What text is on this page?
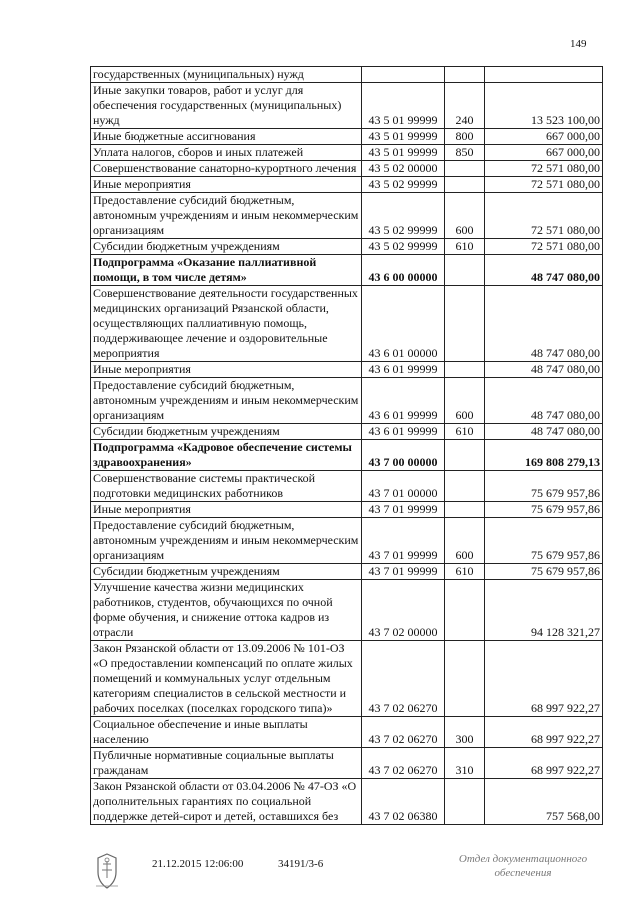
149
государственных (муниципальных) нужд			
Иные закупки товаров, работ и услуг для обеспечения государственных (муниципальных) нужд	43 5 01 99999	240	13 523 100,00
Иные бюджетные ассигнования	43 5 01 99999	800	667 000,00
Уплата налогов, сборов и иных платежей	43 5 01 99999	850	667 000,00
Совершенствование санаторно-курортного лечения	43 5 02 00000		72 571 080,00
Иные мероприятия	43 5 02 99999		72 571 080,00
Предоставление субсидий бюджетным, автономным учреждениям и иным некоммерческим организациям	43 5 02 99999	600	72 571 080,00
Субсидии бюджетным учреждениям	43 5 02 99999	610	72 571 080,00
Подпрограмма «Оказание паллиативной помощи, в том числе детям»	43 6 00 00000		48 747 080,00
Совершенствование деятельности государственных медицинских организаций Рязанской области, осуществляющих паллиативную помощь, поддерживающее лечение и оздоровительные мероприятия	43 6 01 00000		48 747 080,00
Иные мероприятия	43 6 01 99999		48 747 080,00
Предоставление субсидий бюджетным, автономным учреждениям и иным некоммерческим организациям	43 6 01 99999	600	48 747 080,00
Субсидии бюджетным учреждениям	43 6 01 99999	610	48 747 080,00
Подпрограмма «Кадровое обеспечение системы здравоохранения»	43 7 00 00000		169 808 279,13
Совершенствование системы практической подготовки медицинских работников	43 7 01 00000		75 679 957,86
Иные мероприятия	43 7 01 99999		75 679 957,86
Предоставление субсидий бюджетным, автономным учреждениям и иным некоммерческим организациям	43 7 01 99999	600	75 679 957,86
Субсидии бюджетным учреждениям	43 7 01 99999	610	75 679 957,86
Улучшение качества жизни медицинских работников, студентов, обучающихся по очной форме обучения, и снижение оттока кадров из отрасли	43 7 02 00000		94 128 321,27
Закон Рязанской области от 13.09.2006 № 101-ОЗ «О предоставлении компенсаций по оплате жилых помещений и коммунальных услуг отдельным категориям специалистов в сельской местности и рабочих поселках (поселках городского типа)»	43 7 02 06270		68 997 922,27
Социальное обеспечение и иные выплаты населению	43 7 02 06270	300	68 997 922,27
Публичные нормативные социальные выплаты гражданам	43 7 02 06270	310	68 997 922,27
Закон Рязанской области от 03.04.2006 № 47-ОЗ «О дополнительных гарантиях по социальной поддержке детей-сирот и детей, оставшихся без	43 7 02 06380		757 568,00
21.12.2015 12:06:00	34191/3-6	Отдел документационного
обеспечения
